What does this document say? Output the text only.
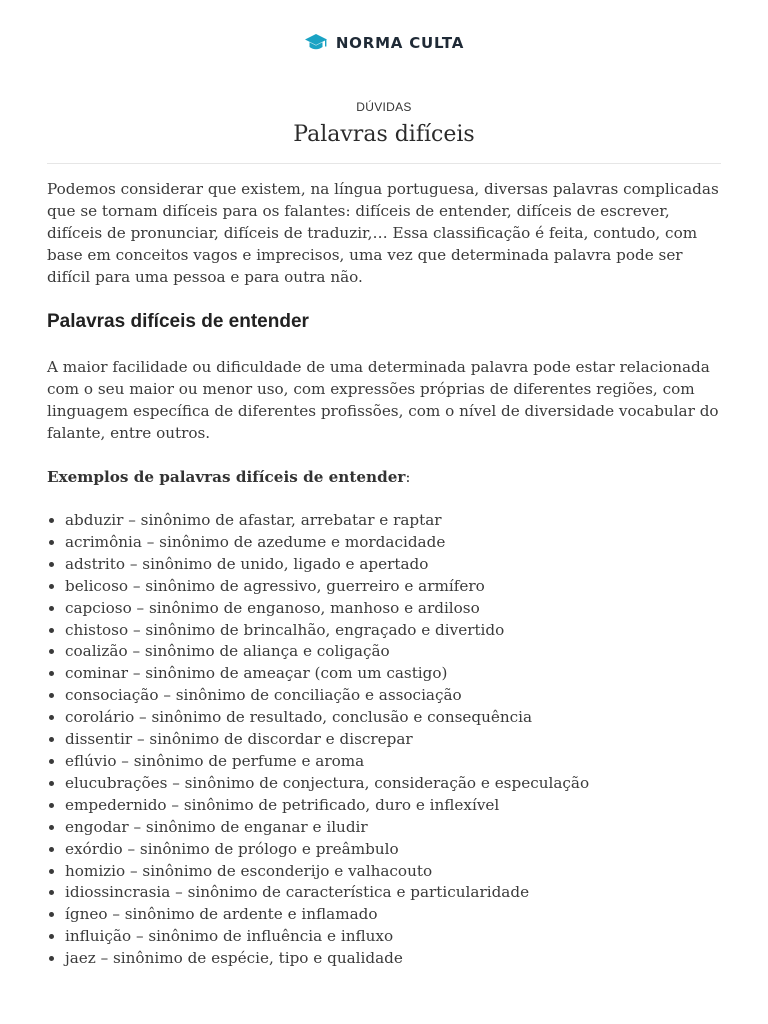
NORMA CULTA
DÚVIDAS
Palavras difíceis

Podemos considerar que existem, na língua portuguesa, diversas palavras complicadas que se tornam difíceis para os falantes: difíceis de entender, difíceis de escrever, difíceis de pronunciar, difíceis de traduzir,… Essa classificação é feita, contudo, com base em conceitos vagos e imprecisos, uma vez que determinada palavra pode ser difícil para uma pessoa e para outra não.

Palavras difíceis de entender

A maior facilidade ou dificuldade de uma determinada palavra pode estar relacionada com o seu maior ou menor uso, com expressões próprias de diferentes regiões, com linguagem específica de diferentes profissões, com o nível de diversidade vocabular do falante, entre outros.

Exemplos de palavras difíceis de entender:

• abduzir – sinônimo de afastar, arrebatar e raptar
• acrimônia – sinônimo de azedume e mordacidade
• adstrito – sinônimo de unido, ligado e apertado
• belicoso – sinônimo de agressivo, guerreiro e armífero
• capcioso – sinônimo de enganoso, manhoso e ardiloso
• chistoso – sinônimo de brincalhão, engraçado e divertido
• coalizão – sinônimo de aliança e coligação
• cominar – sinônimo de ameaçar (com um castigo)
• consociação – sinônimo de conciliação e associação
• corolário – sinônimo de resultado, conclusão e consequência
• dissentir – sinônimo de discordar e discrepar
• eflúvio – sinônimo de perfume e aroma
• elucubrações – sinônimo de conjectura, consideração e especulação
• empedernido – sinônimo de petrificado, duro e inflexível
• engodar – sinônimo de enganar e iludir
• exórdio – sinônimo de prólogo e preâmbulo
• homizio – sinônimo de esconderijo e valhacouto
• idiossincrasia – sinônimo de característica e particularidade
• ígneo – sinônimo de ardente e inflamado
• influição – sinônimo de influência e influxo
• jaez – sinônimo de espécie, tipo e qualidade
